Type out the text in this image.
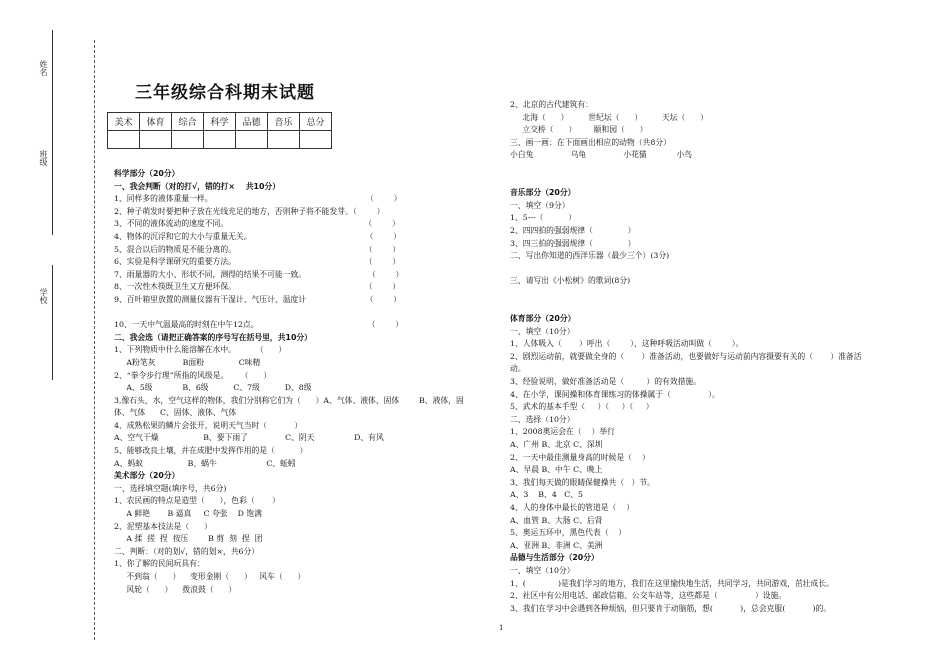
姓名
班级
学校
三年级综合科期末试题
美术	体育	综合	科学	品德	音乐	总分

科学部分（20分）
一、我会判断（对的打√，错的打×    共10分）
1、同样多的液体重量一样。                                                              （        ）
2、种子萌发时要把种子放在光线充足的地方，否则种子将不能发芽。（        ）
3、不同的液体流动的速度不同。                                                       （        ）
4、物体的沉浮和它的大小与重量无关。                                              （        ）
5、混合以后的物质是不能分离的。                                                    （        ）
6、实验是科学课研究的重要方法。                                                    （        ）
7、雨量器的大小、形状不同，测得的结果不可能一致。                         （        ）
8、一次性木筷既卫生又方便环保。                                                    （        ）
9、百叶箱里放置的测量仪器有干湿计、气压计、温度计                        （        ）

10、一天中气温最高的时刻在中午12点。                                            （        ）
二、我会选（请把正确答案的序号写在括号里，共10分）
1、下列物质中什么能溶解在水中。        （      ）
A粉笔灰           B面粉              C味精
2、“拳令步行理”所指的风级是。     （      ）
A、5级            B、6级          C、7级          D、8级
3,像石头，水，空气这样的物体，我们分别称它们为（      ）A、气体、液体、固体        B、液体，固
体、气体      C、固体、液体、气体
4、成熟松果的鳞片会张开，说明天气当时（           ）
A、空气干燥                  B、要下雨了               C、阴天                D、有风
5、能够改良土壤，并在成肥中发挥作用的是（          ）
A、蚂蚁                  B、蜗牛                    C、蚯蚓
美术部分（20分）
一、选择填空题(填序号，共6分)
1、农民画的特点是造型（      ），色彩（       ）
A 鲜艳       B 逼真     C 夸张    D 饱满
2、泥塑基本技法是（      ）
A 揉  搓  捏  按压        B 剪  刻  捏  团
二、判断：（对的划√，错的划×，共6分）
1、你了解的民间玩具有：
不到翁（      ）    变形金刚（      ）   风车（      ）
风轮（      ）    拨浪鼓（      ）
2、北京的古代建筑有：
北海（      ）        世纪坛（      ）        天坛（      ）
立交桥（      ）       颐和园（      ）
三、画一画：在下面画出相应的动物（共8分）
小白兔               乌龟               小花猫            小鸟

音乐部分（20分）
一、填空（9分）
1、5---（          ）
2、四四拍的强弱规律（              ）
3、四三拍的强弱规律（              ）
二、写出你知道的西洋乐器（最少三个）(3分)

三、请写出《小松树》的歌词(8分)

体育部分（20分）
一、填空（10分）
1、人体吸入（       ）呼出（        ），这种呼吸活动叫做（        ）。
2、剧烈运动前，就要做全身的（       ）准备活动，也要做好与运动前内容摄要有关的（       ）准备活
动。
3、经验说明，做好准备活动是（         ）的有效措施。
4、在小学，课间操和体育课练习的体操属于（               ）。
5、武术的基本手型（     ）（     ）（     ）
二、选择（10分）
1、2008奥运会在（    ）举行
A、广州 B、北京 C、深圳
2、一天中最佳测量身高的时候是（    ）
A、早晨 B、中午 C、晚上
3、我们每天做的眼睛保健操共（   ）节。
A、3    B、4   C、5
4、人的身体中最长的管道是（    ）
A、血管 B、大肠 C、后肾
5、奥运五环中，黑色代表（    ）
A、亚洲 B、非洲 C、美洲
品德与生活部分（20分）
一、填空（10分）
1、(             )是我们学习的地方，我们在这里愉快地生活，共同学习，共同游戏，茁壮成长。
2、社区中有公用电话、邮政信箱、公交车站等，这些都是（               ）设施。
3、我们在学习中会遇到各种烦恼，但只要肯于动脑筋，想(           )，总会克服(           )的。
1
